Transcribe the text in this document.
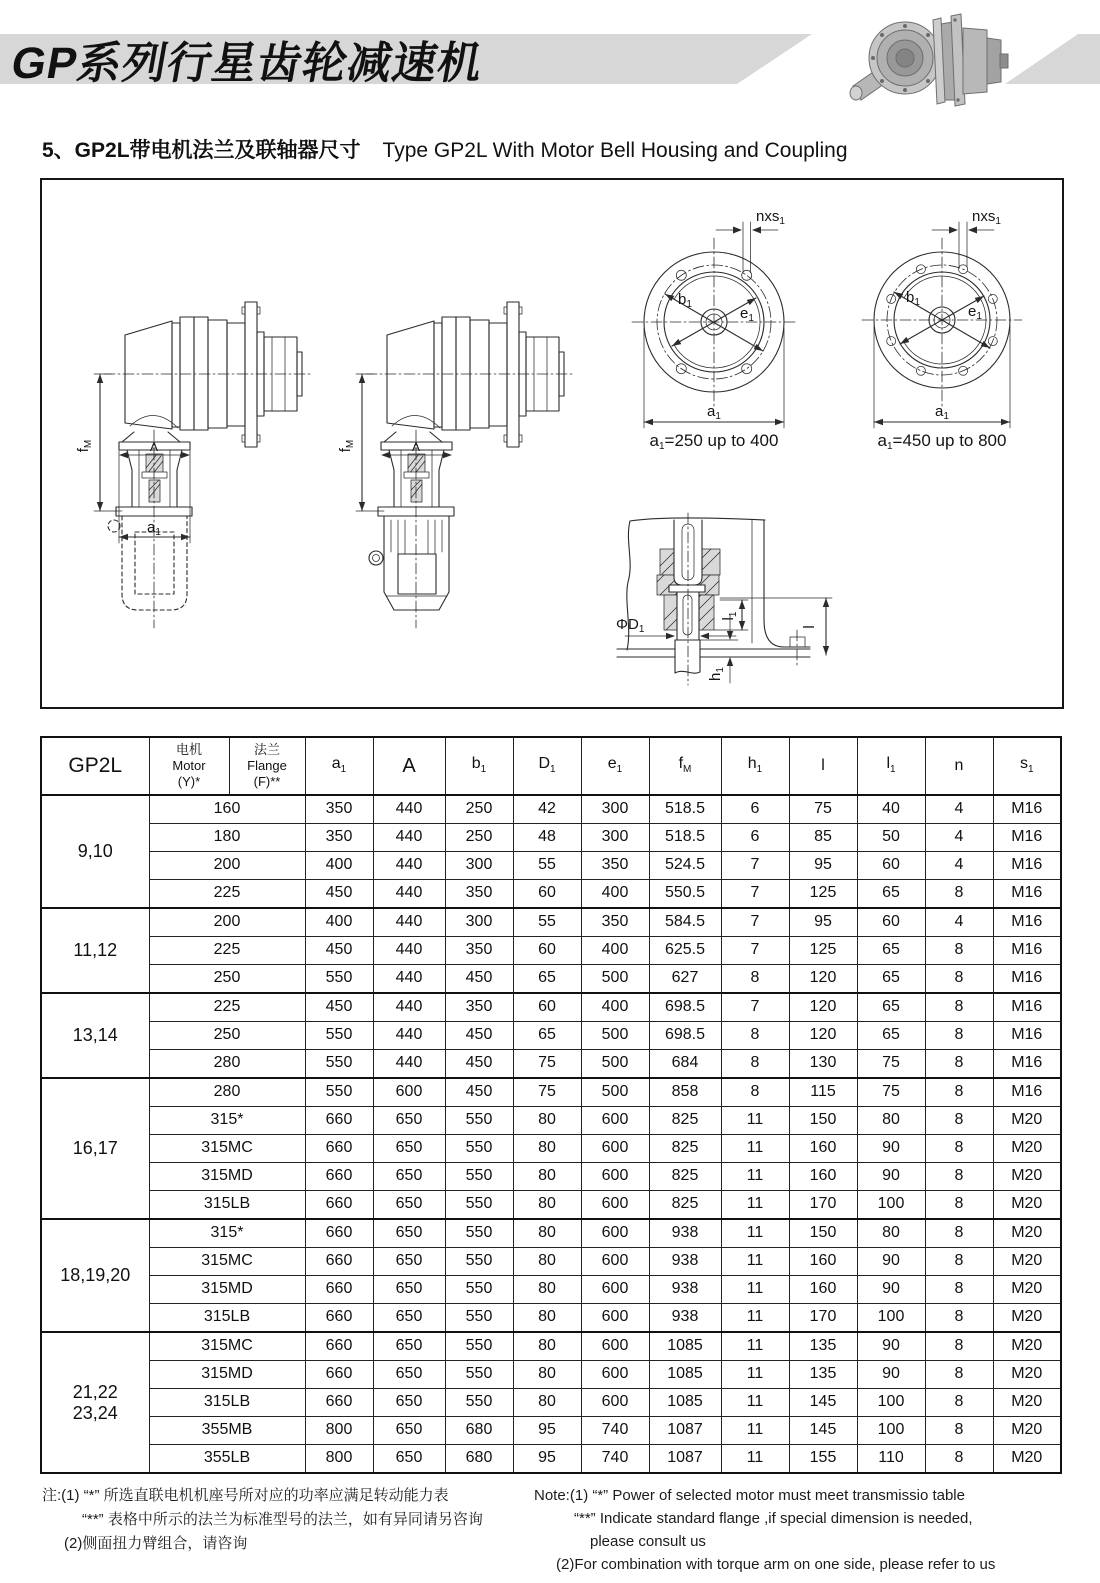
GP系列行星齿轮减速机
5、GP2L带电机法兰及联轴器尺寸 Type GP2L With Motor Bell Housing and Coupling
A
$f_M$
$a_1$
$b_1$
$e_1$
nxs$_1$
$a_1$
a1=250 up to 400
$b_1$
$e_1$
nxs$_1$
$a_1$
a1=450 up to 800
$\Phi D_1$
$l_1$
l
$h_1$
GP2L

电机
Motor
(Y)*

法兰
Flange
(F)**
	$a_1$	A	$b_1$	$D_1$	$e_1$	$f_M$	$h_1$	l	$l_1$	n	$s_1$

9,10	160		350	440	250	42	300	518.5	6	75	40	4	M16
	180		350	440	250	48	300	518.5	6	85	50	4	M16
	200		400	440	300	55	350	524.5	7	95	60	4	M16
	225		450	440	350	60	400	550.5	7	125	65	8	M16

11,12	200		400	440	300	55	350	584.5	7	95	60	4	M16
	225		450	440	350	60	400	625.5	7	125	65	8	M16
	250		550	440	450	65	500	627	8	120	65	8	M16

13,14	225		450	440	350	60	400	698.5	7	120	65	8	M16
	250		550	440	450	65	500	698.5	8	120	65	8	M16
	280		550	440	450	75	500	684	8	130	75	8	M16

16,17	280		550	600	450	75	500	858	8	115	75	8	M16
	315*		660	650	550	80	600	825	11	150	80	8	M20
	315MC		660	650	550	80	600	825	11	160	90	8	M20
	315MD		660	650	550	80	600	825	11	160	90	8	M20
	315LB		660	650	550	80	600	825	11	170	100	8	M20

18,19,20	315*		660	650	550	80	600	938	11	150	80	8	M20
	315MC		660	650	550	80	600	938	11	160	90	8	M20
	315MD		660	650	550	80	600	938	11	160	90	8	M20
	315LB		660	650	550	80	600	938	11	170	100	8	M20

21,22
23,24	315MC		660	650	550	80	600	1085	11	135	90	8	M20
	315MD		660	650	550	80	600	1085	11	135	90	8	M20
	315LB		660	650	550	80	600	1085	11	145	100	8	M20
	355MB		800	650	680	95	740	1087	11	145	100	8	M20
	355LB		800	650	680	95	740	1087	11	155	110	8	M20
注:(1) “*” 所选直联电机机座号所对应的功率应满足转动能力表
“**” 表格中所示的法兰为标准型号的法兰，如有异同请另咨询
(2)侧面扭力臂组合，请咨询
Note:(1) “*” Power of selected motor must meet transmissio table
“**” Indicate standard flange ,if special dimension is needed,
please consult us
(2)For combination with torque arm on one side, please refer to us
